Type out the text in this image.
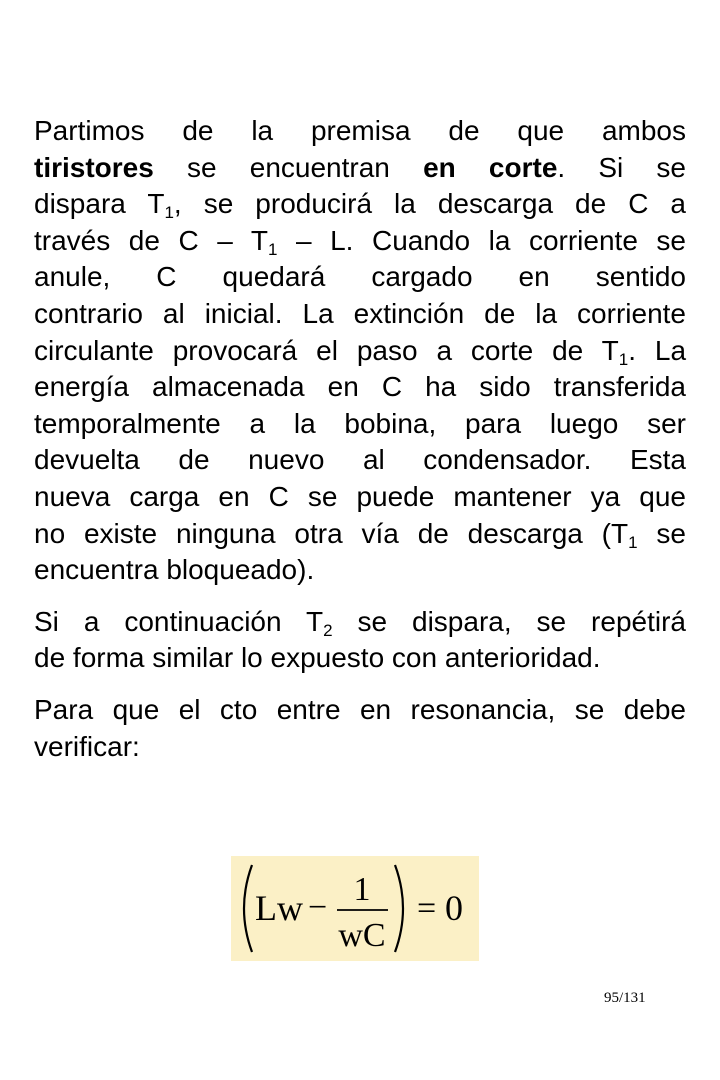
Partimos de la premisa de que ambos
tiristores se encuentran en corte. Si se
dispara $T_1$, se producirá la descarga de C a
través de C – $T_1$ – L. Cuando la corriente se
anule, C quedará cargado en sentido
contrario al inicial. La extinción de la corriente
circulante provocará el paso a corte de $T_1$. La
energía almacenada en C ha sido transferida
temporalmente a la bobina, para luego ser
devuelta de nuevo al condensador. Esta
nueva carga en C se puede mantener ya que
no existe ninguna otra vía de descarga ($T_1$ se
encuentra bloqueado).

Si a continuación $T_2$ se dispara, se repétirá
de forma similar lo expuesto con anterioridad.

Para que el cto entre en resonancia, se debe
verificar:

Lw − 1
wC
= 0
95/131
